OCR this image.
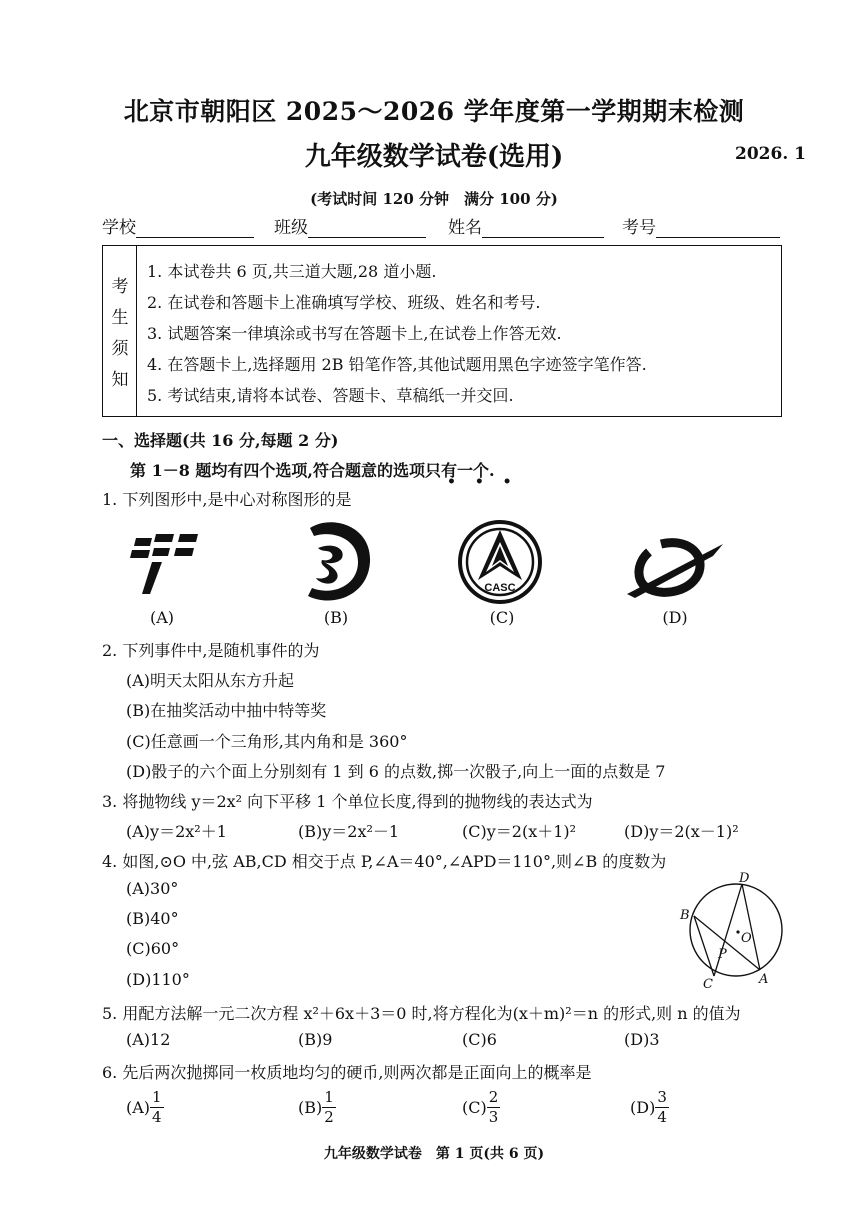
北京市朝阳区 2025～2026 学年度第一学期期末检测
九年级数学试卷(选用)	2026. 1
(考试时间 120 分钟　满分 100 分)
学校	班级	姓名	考号
考
生
须
知
1. 本试卷共 6 页,共三道大题,28 道小题.
2. 在试卷和答题卡上准确填写学校、班级、姓名和考号.
3. 试题答案一律填涂或书写在答题卡上,在试卷上作答无效.
4. 在答题卡上,选择题用 2B 铅笔作答,其他试题用黑色字迹签字笔作答.
5. 考试结束,请将本试卷、答题卡、草稿纸一并交回.
一、选择题(共 16 分,每题 2 分)
第 1－8 题均有四个选项,符合题意的选项只有一个.
• • •
1. 下列图形中,是中心对称图形的是
CASC
(A)	(B)	(C)	(D)
2. 下列事件中,是随机事件的为
(A)明天太阳从东方升起
(B)在抽奖活动中抽中特等奖
(C)任意画一个三角形,其内角和是 360°
(D)骰子的六个面上分别刻有 1 到 6 的点数,掷一次骰子,向上一面的点数是 7
3. 将抛物线 y＝2x² 向下平移 1 个单位长度,得到的抛物线的表达式为
(A)y＝2x²＋1	(B)y＝2x²－1	(C)y＝2(x＋1)²	(D)y＝2(x－1)²
4. 如图,⊙O 中,弦 AB,CD 相交于点 P,∠A＝40°,∠APD＝110°,则∠B 的度数为
(A)30°
(B)40°
(C)60°
(D)110°
D
B
O
P
C	A
5. 用配方法解一元二次方程 x²＋6x＋3＝0 时,将方程化为(x＋m)²＝n 的形式,则 n 的值为
(A)12	(B)9	(C)6	(D)3
6. 先后两次抛掷同一枚质地均匀的硬币,则两次都是正面向上的概率是
$(A) \frac{1}{4}$	$(B) \frac{1}{2}$	$(C) \frac{2}{3}$	$(D) \frac{3}{4}$
九年级数学试卷　第 1 页(共 6 页)
